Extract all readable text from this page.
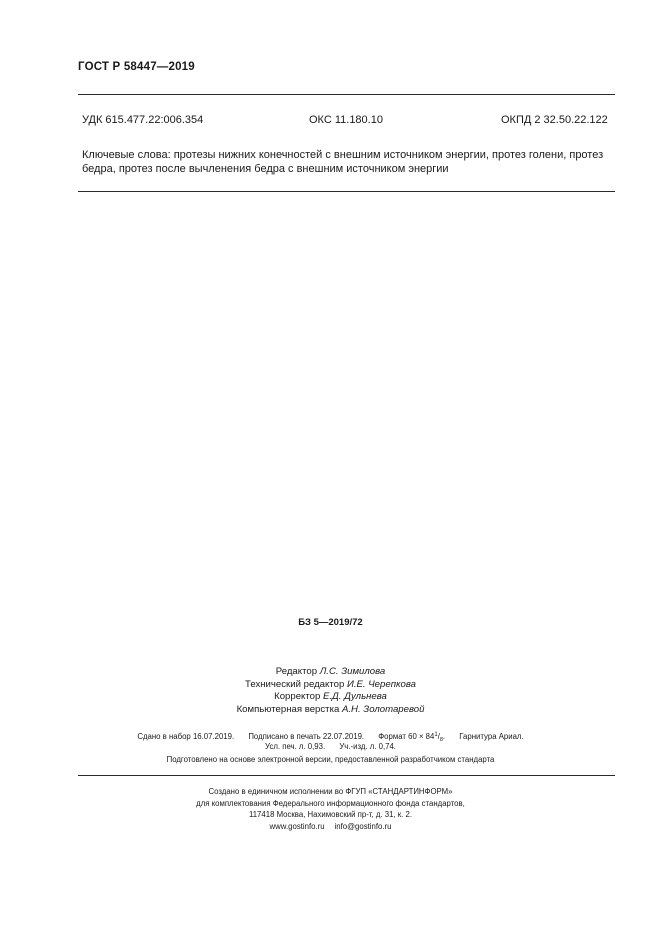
ГОСТ Р 58447—2019
УДК 615.477.22:006.354	ОКС 11.180.10	ОКПД 2 32.50.22.122
Ключевые слова: протезы нижних конечностей с внешним источником энергии, протез голени, протез
бедра, протез после вычленения бедра с внешним источником энергии
БЗ 5—2019/72
Редактор Л.С. Зимилова
Технический редактор И.Е. Черепкова
Корректор Е.Д. Дульнева
Компьютерная верстка А.Н. Золотаревой
Сдано в набор 16.07.2019. Подписано в печать 22.07.2019. Формат $60 \times 84^1/_8$. Гарнитура Ариал.
Усл. печ. л. 0,93. Уч.-изд. л. 0,74.
Подготовлено на основе электронной версии, предоставленной разработчиком стандарта
Создано в единичном исполнении во ФГУП «СТАНДАРТИНФОРМ»
для комплектования Федерального информационного фонда стандартов,
117418 Москва, Нахимовский пр-т, д. 31, к. 2.
www.gostinfo.ru info@gostinfo.ru
